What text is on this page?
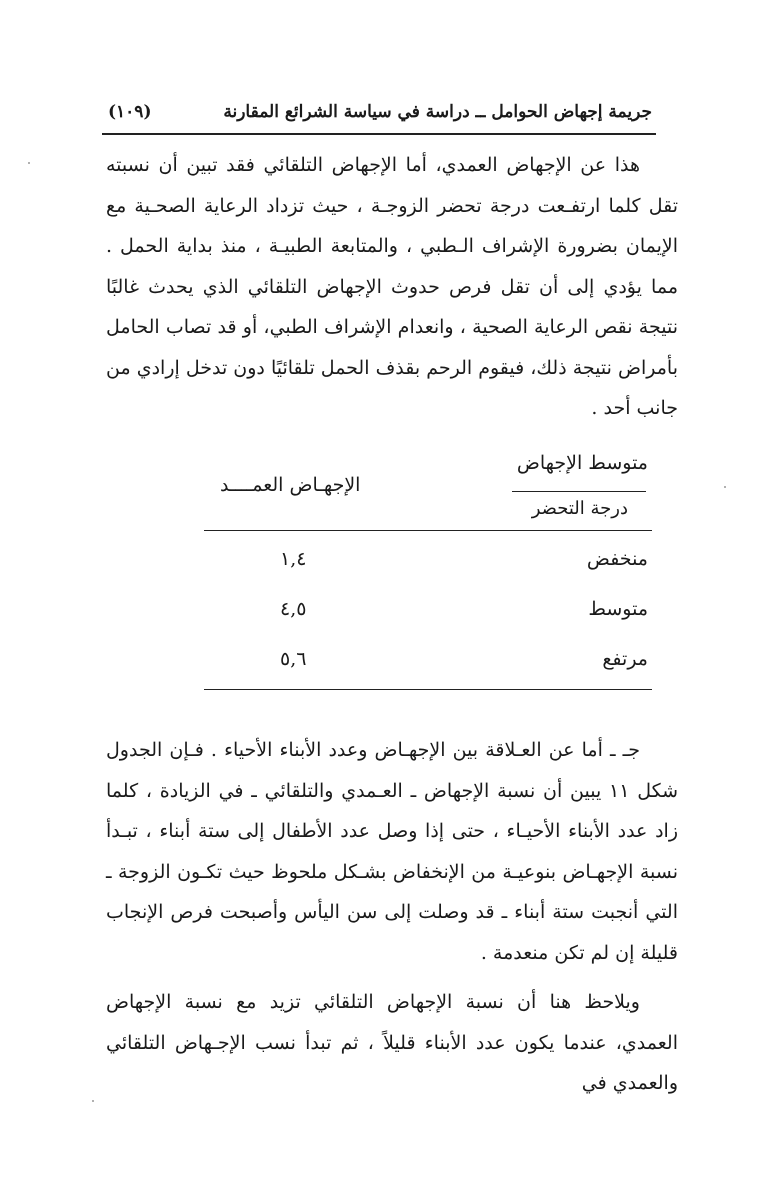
جريمة إجهاض الحوامل ــ دراسة في سياسة الشرائع المقارنة
(١٠٩)

هذا عن الإجهاض العمدي، أما الإجهاض التلقائي فقد تبين أن نسبته تقل كلما ارتفـعت درجة تحضر الزوجـة ، حيث تزداد الرعاية الصحـية مع الإيمان بضرورة الإشراف الـطبي ، والمتابعة الطبيـة ، منذ بداية الحمل . مما يؤدي إلى أن تقل فرص حدوث الإجهاض التلقائي الذي يحدث غالبًا نتيجة نقص الرعاية الصحية ، وانعدام الإشراف الطبي، أو قد تصاب الحامل بأمراض نتيجة ذلك، فيقوم الرحم بقذف الحمل تلقائيًا دون تدخل إرادي من جانب أحد .

متوسط الإجهاض
درجة التحضر
الإجهـاض العمــــد
منخفض
١,٤
متوسط
٤,٥
مرتفع
٥,٦

جـ ـ أما عن العـلاقة بين الإجهـاض وعدد الأبناء الأحياء . فـإن الجدول شكل ١١ يبين أن نسبة الإجهاض ـ العـمدي والتلقائي ـ في الزيادة ، كلما زاد عدد الأبناء الأحيـاء ، حتى إذا وصل عدد الأطفال إلى ستة أبناء ، تبـدأ نسبة الإجهـاض بنوعيـة من الإنخفاض بشـكل ملحوظ حيث تكـون الزوجة ـ التي أنجبت ستة أبناء ـ قد وصلت إلى سن اليأس وأصبحت فرص الإنجاب قليلة إن لم تكن منعدمة .

ويلاحظ هنا أن نسبة الإجهاض التلقائي تزيد مع نسبة الإجهاض العمدي، عندما يكون عدد الأبناء قليلاً ، ثم تبدأ نسب الإجـهاض التلقائي والعمدي في
